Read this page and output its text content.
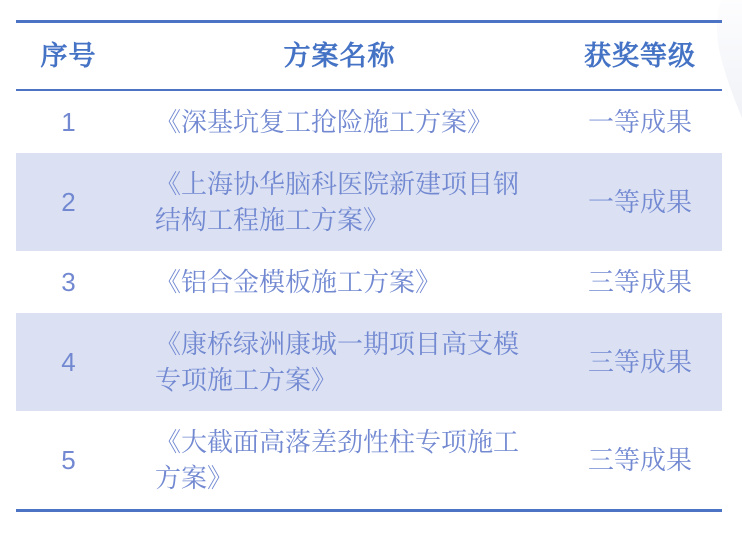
序号	方案名称	获奖等级
1	《深基坑复工抢险施工方案》	一等成果
2	《上海协华脑科医院新建项目钢结构工程施工方案》	一等成果
3	《铝合金模板施工方案》	三等成果
4	《康桥绿洲康城一期项目高支模专项施工方案》	三等成果
5	《大截面高落差劲性柱专项施工方案》	三等成果
